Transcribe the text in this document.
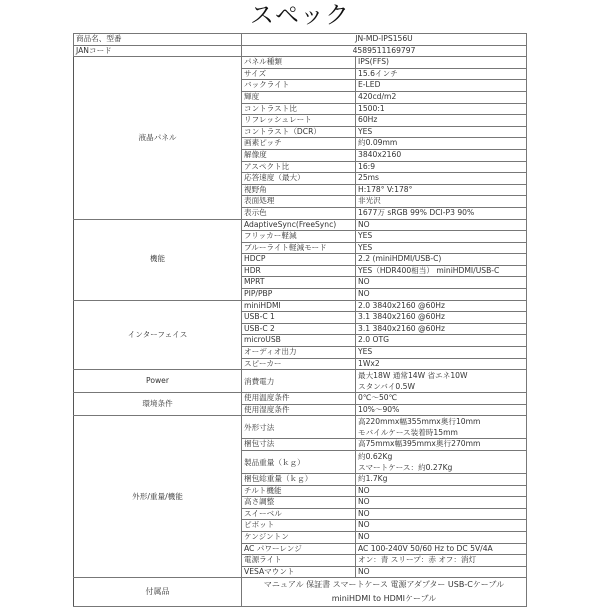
スペック
商品名、型番	JN-MD-IPS156U	
JANコード	4589511169797	
液晶パネル	パネル種類	IPS(FFS)
	サイズ	15.6インチ
	バックライト	E-LED
	輝度	420cd/m2
	コントラスト比	1500:1
	リフレッシュレート	60Hz
	コントラスト（DCR）	YES
	画素ピッチ	約0.09mm
	解像度	3840x2160
	アスペクト比	16:9
	応答速度（最大）	25ms
	視野角	H:178° V:178°
	表面処理	非光沢
	表示色	1677万 sRGB 99% DCI-P3 90%
機能	AdaptiveSync(FreeSync)	NO
	フリッカー軽減	YES
	ブルーライト軽減モード	YES
	HDCP	2.2 (miniHDMI/USB-C)
	HDR	YES（HDR400相当） miniHDMI/USB-C
	MPRT	NO
	PIP/PBP	NO
インターフェイス	miniHDMI	2.0 3840x2160 @60Hz
	USB-C 1	3.1 3840x2160 @60Hz
	USB-C 2	3.1 3840x2160 @60Hz
	microUSB	2.0 OTG
	オーディオ出力	YES
	スピーカー	1Wx2
Power	消費電力	最大18W 通常14W 省エネ10W
スタンバイ0.5W

環境条件	使用温度条件	0℃～50℃
	使用湿度条件	10%～90%
外形/重量/機能	外形寸法	高220mmx幅355mmx奥行10mm
モバイルケース装着時15mm

	梱包寸法	高75mmx幅395mmx奥行270mm
	製品重量（ｋｇ）	約0.62Kg
スマートケース：約0.27Kg

	梱包総重量（ｋｇ）	約1.7Kg
	チルト機能	NO
	高さ調整	NO
	スイーベル	NO
	ピボット	NO
	ケンジントン	NO
	AC パワーレンジ	AC 100-240V 50/60 Hz to DC 5V/4A
	電源ライト	オン：青 スリープ：赤 オフ：消灯
	VESAマウント	NO
付属品	マニュアル 保証書 スマートケース 電源アダプター USB-Cケーブル
miniHDMI to HDMIケーブル	
